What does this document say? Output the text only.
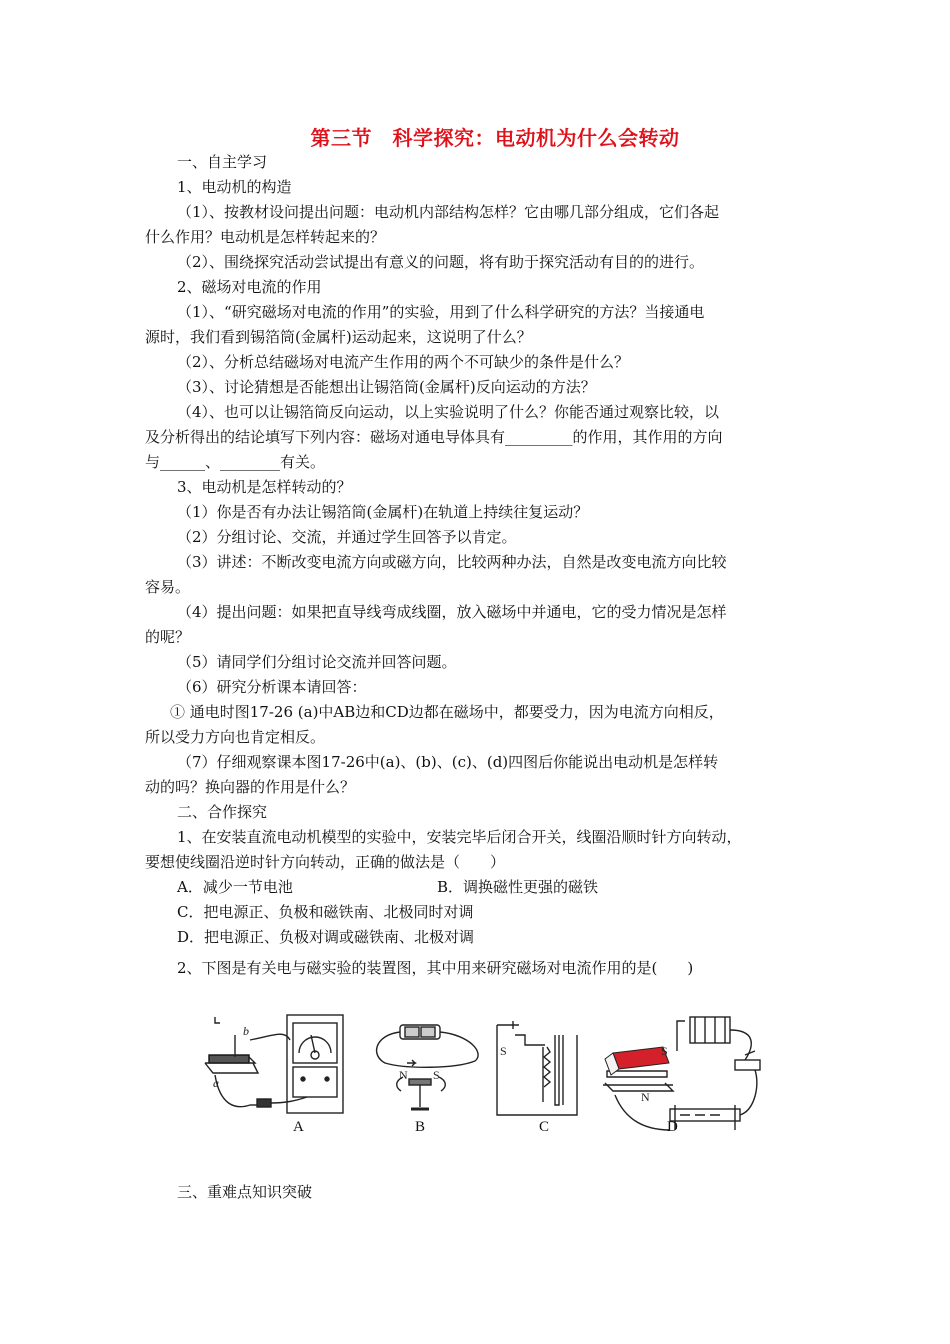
第三节　科学探究：电动机为什么会转动
一、自主学习
1、电动机的构造
（1）、按教材设问提出问题：电动机内部结构怎样？它由哪几部分组成，它们各起
什么作用？电动机是怎样转起来的？
（2）、围绕探究活动尝试提出有意义的问题，将有助于探究活动有目的的进行。
2、磁场对电流的作用
（1）、“研究磁场对电流的作用”的实验，用到了什么科学研究的方法？当接通电
源时，我们看到锡箔筒(金属杆)运动起来，这说明了什么？
（2）、分析总结磁场对电流产生作用的两个不可缺少的条件是什么？
（3）、讨论猜想是否能想出让锡箔筒(金属杆)反向运动的方法？
（4）、也可以让锡箔筒反向运动，以上实验说明了什么？你能否通过观察比较，以
及分析得出的结论填写下列内容：磁场对通电导体具有_________的作用，其作用的方向
与______、________有关。
3、电动机是怎样转动的？
（1）你是否有办法让锡箔筒(金属杆)在轨道上持续往复运动？
（2）分组讨论、交流，并通过学生回答予以肯定。
（3）讲述：不断改变电流方向或磁方向，比较两种办法，自然是改变电流方向比较
容易。
（4）提出问题：如果把直导线弯成线圈，放入磁场中并通电，它的受力情况是怎样
的呢？
（5）请同学们分组讨论交流并回答问题。
（6）研究分析课本请回答：
① 通电时图17-26 (a)中AB边和CD边都在磁场中，都要受力，因为电流方向相反，
所以受力方向也肯定相反。
（7）仔细观察课本图17-26中(a)、(b)、(c)、(d)四图后你能说出电动机是怎样转
动的吗？换向器的作用是什么？
二、合作探究
1、在安装直流电动机模型的实验中，安装完毕后闭合开关，线圈沿顺时针方向转动，
要想使线圈沿逆时针方向转动，正确的做法是（　　）
A．减少一节电池	B．调换磁性更强的磁铁
C．把电源正、负极和磁铁南、北极同时对调
D．把电源正、负极对调或磁铁南、北极对调
2、下图是有关电与磁实验的装置图，其中用来研究磁场对电流作用的是(　　)
b
a
N S
S	S
N
A	B	C	D
三、重难点知识突破
